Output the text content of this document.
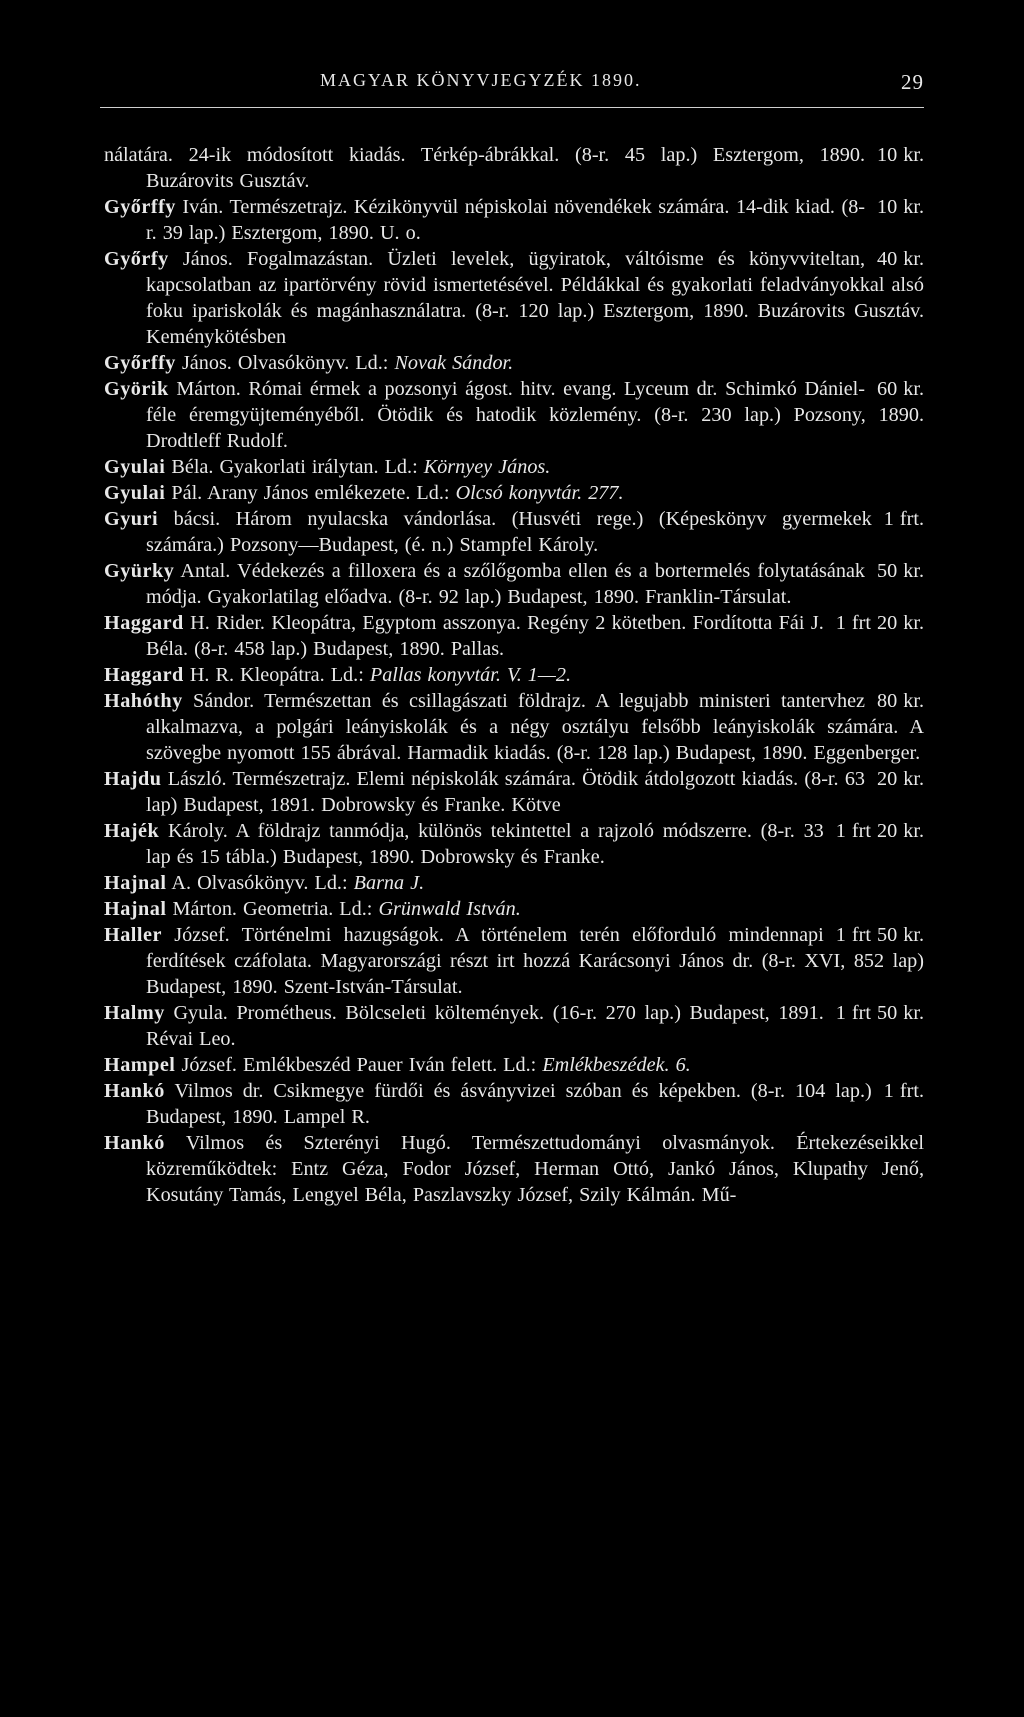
MAGYAR KÖNYVJEGYZÉK 1890.	29
10 kr.
nálatára. 24-ik módosított kiadás. Térkép-ábrákkal. (8-r. 45 lap.) Esztergom, 1890. Buzárovits Gusztáv.
10 kr.
Győrffy Iván. Természetrajz. Kézikönyvül népiskolai növendékek számára. 14-dik kiad. (8-r. 39 lap.) Esztergom, 1890. U. o.
40 kr.
Győrfy János. Fogalmazástan. Üzleti levelek, ügyiratok, váltóisme és könyvviteltan, kapcsolatban az ipartörvény rövid ismertetésével. Példákkal és gyakorlati feladványokkal alsó foku ipariskolák és magánhasználatra. (8-r. 120 lap.) Esztergom, 1890. Buzárovits Gusztáv. Keménykötésben
Győrffy János. Olvasókönyv. Ld.: Novak Sándor.
60 kr.
Györik Márton. Római érmek a pozsonyi ágost. hitv. evang. Lyceum dr. Schimkó Dániel-féle éremgyüjteményéből. Ötödik és hatodik közlemény. (8-r. 230 lap.) Pozsony, 1890. Drodtleff Rudolf.
Gyulai Béla. Gyakorlati irálytan. Ld.: Környey János.
Gyulai Pál. Arany János emlékezete. Ld.: Olcsó konyvtár. 277.
1 frt.
Gyuri bácsi. Három nyulacska vándorlása. (Husvéti rege.) (Képeskönyv gyermekek számára.) Pozsony—Budapest, (é. n.) Stampfel Károly.
50 kr.
Gyürky Antal. Védekezés a filloxera és a szőlőgomba ellen és a bortermelés folytatásának módja. Gyakorlatilag előadva. (8-r. 92 lap.) Budapest, 1890. Franklin-Társulat.
1 frt 20 kr.
Haggard H. Rider. Kleopátra, Egyptom asszonya. Regény 2 kötetben. Fordította Fái J. Béla. (8-r. 458 lap.) Budapest, 1890. Pallas.
Haggard H. R. Kleopátra. Ld.: Pallas konyvtár. V. 1—2.
80 kr.
Hahóthy Sándor. Természettan és csillagászati földrajz. A legujabb ministeri tantervhez alkalmazva, a polgári leányiskolák és a négy osztályu felsőbb leányiskolák számára. A szövegbe nyomott 155 ábrával. Harmadik kiadás. (8-r. 128 lap.) Budapest, 1890. Eggenberger.
20 kr.
Hajdu László. Természetrajz. Elemi népiskolák számára. Ötödik átdolgozott kiadás. (8-r. 63 lap) Budapest, 1891. Dobrowsky és Franke. Kötve
1 frt 20 kr.
Hajék Károly. A földrajz tanmódja, különös tekintettel a rajzoló módszerre. (8-r. 33 lap és 15 tábla.) Budapest, 1890. Dobrowsky és Franke.
Hajnal A. Olvasókönyv. Ld.: Barna J.
Hajnal Márton. Geometria. Ld.: Grünwald István.
1 frt 50 kr.
Haller József. Történelmi hazugságok. A történelem terén előforduló mindennapi ferdítések czáfolata. Magyarországi részt irt hozzá Karácsonyi János dr. (8-r. XVI, 852 lap) Budapest, 1890. Szent-István-Társulat.
1 frt 50 kr.
Halmy Gyula. Prométheus. Bölcseleti költemények. (16-r. 270 lap.) Budapest, 1891. Révai Leo.
Hampel József. Emlékbeszéd Pauer Iván felett. Ld.: Emlékbeszédek. 6.
1 frt.
Hankó Vilmos dr. Csikmegye fürdői és ásványvizei szóban és képekben. (8-r. 104 lap.) Budapest, 1890. Lampel R.
Hankó Vilmos és Szterényi Hugó. Természettudományi olvasmányok. Értekezéseikkel közreműködtek: Entz Géza, Fodor József, Herman Ottó, Jankó János, Klupathy Jenő, Kosutány Tamás, Lengyel Béla, Paszlavszky József, Szily Kálmán. Mű-
